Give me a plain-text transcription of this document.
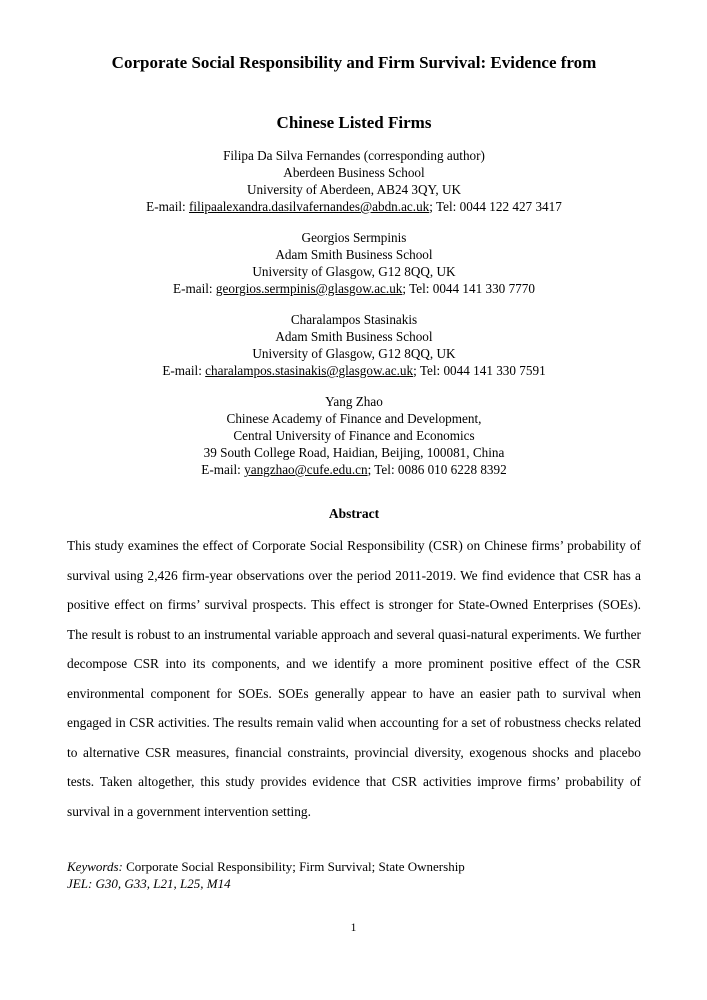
Corporate Social Responsibility and Firm Survival: Evidence from
Chinese Listed Firms
Filipa Da Silva Fernandes (corresponding author)
Aberdeen Business School
University of Aberdeen, AB24 3QY, UK
E-mail: filipaalexandra.dasilvafernandes@abdn.ac.uk; Tel: 0044 122 427 3417
Georgios Sermpinis
Adam Smith Business School
University of Glasgow, G12 8QQ, UK
E-mail: georgios.sermpinis@glasgow.ac.uk; Tel: 0044 141 330 7770
Charalampos Stasinakis
Adam Smith Business School
University of Glasgow, G12 8QQ, UK
E-mail: charalampos.stasinakis@glasgow.ac.uk; Tel: 0044 141 330 7591
Yang Zhao
Chinese Academy of Finance and Development,
Central University of Finance and Economics
39 South College Road, Haidian, Beijing, 100081, China
E-mail: yangzhao@cufe.edu.cn; Tel: 0086 010 6228 8392
Abstract

This study examines the effect of Corporate Social Responsibility (CSR) on Chinese firms’ probability of survival using 2,426 firm-year observations over the period 2011-2019. We find evidence that CSR has a positive effect on firms’ survival prospects. This effect is stronger for State-Owned Enterprises (SOEs). The result is robust to an instrumental variable approach and several quasi-natural experiments. We further decompose CSR into its components, and we identify a more prominent positive effect of the CSR environmental component for SOEs. SOEs generally appear to have an easier path to survival when engaged in CSR activities. The results remain valid when accounting for a set of robustness checks related to alternative CSR measures, financial constraints, provincial diversity, exogenous shocks and placebo tests. Taken altogether, this study provides evidence that CSR activities improve firms’ probability of survival in a government intervention setting.

Keywords: Corporate Social Responsibility; Firm Survival; State Ownership
JEL: G30, G33, L21, L25, M14
1
